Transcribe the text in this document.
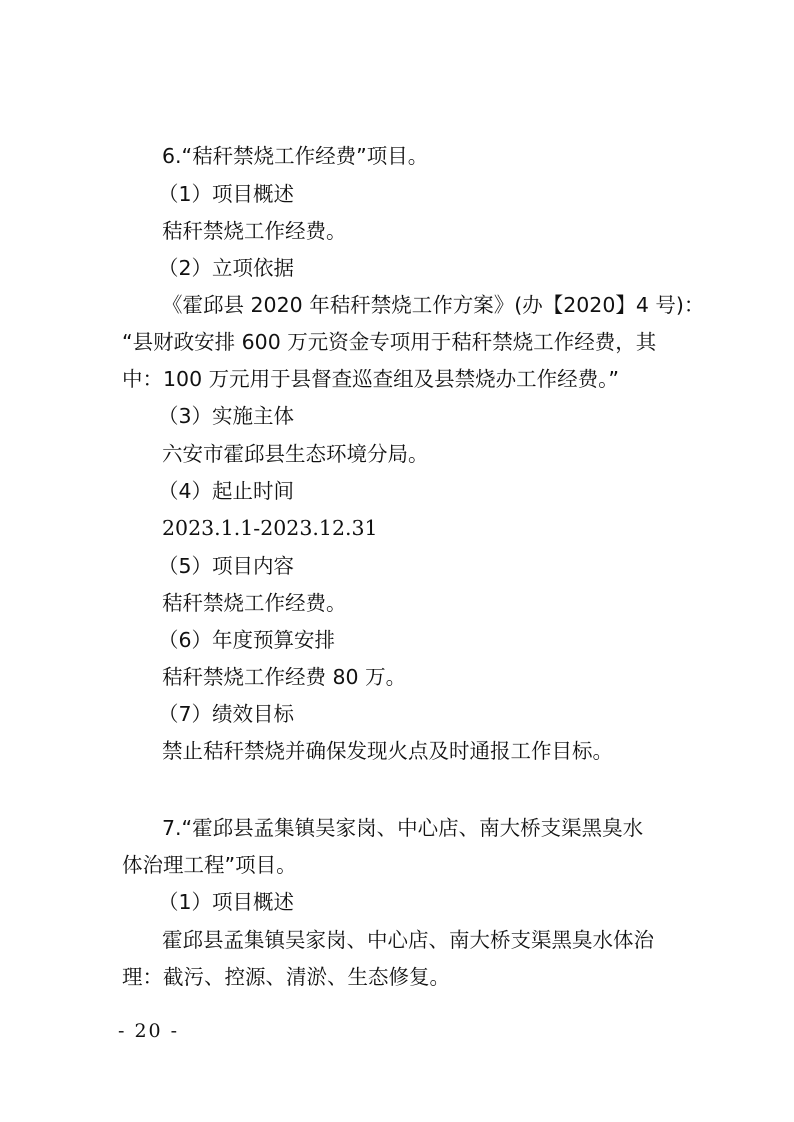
6.“秸秆禁烧工作经费”项目。
（1）项目概述
秸秆禁烧工作经费。
（2）立项依据
《霍邱县 2020 年秸秆禁烧工作方案》(办【2020】4 号)：
“县财政安排 600 万元资金专项用于秸秆禁烧工作经费，其
中：100 万元用于县督查巡查组及县禁烧办工作经费。”
（3）实施主体
六安市霍邱县生态环境分局。
（4）起止时间
2023.1.1-2023.12.31
（5）项目内容
秸秆禁烧工作经费。
（6）年度预算安排
秸秆禁烧工作经费 80 万。
（7）绩效目标
禁止秸秆禁烧并确保发现火点及时通报工作目标。
7.“霍邱县孟集镇吴家岗、中心店、南大桥支渠黑臭水
体治理工程”项目。
（1）项目概述
霍邱县孟集镇吴家岗、中心店、南大桥支渠黑臭水体治
理：截污、控源、清淤、生态修复。
- 20 -
